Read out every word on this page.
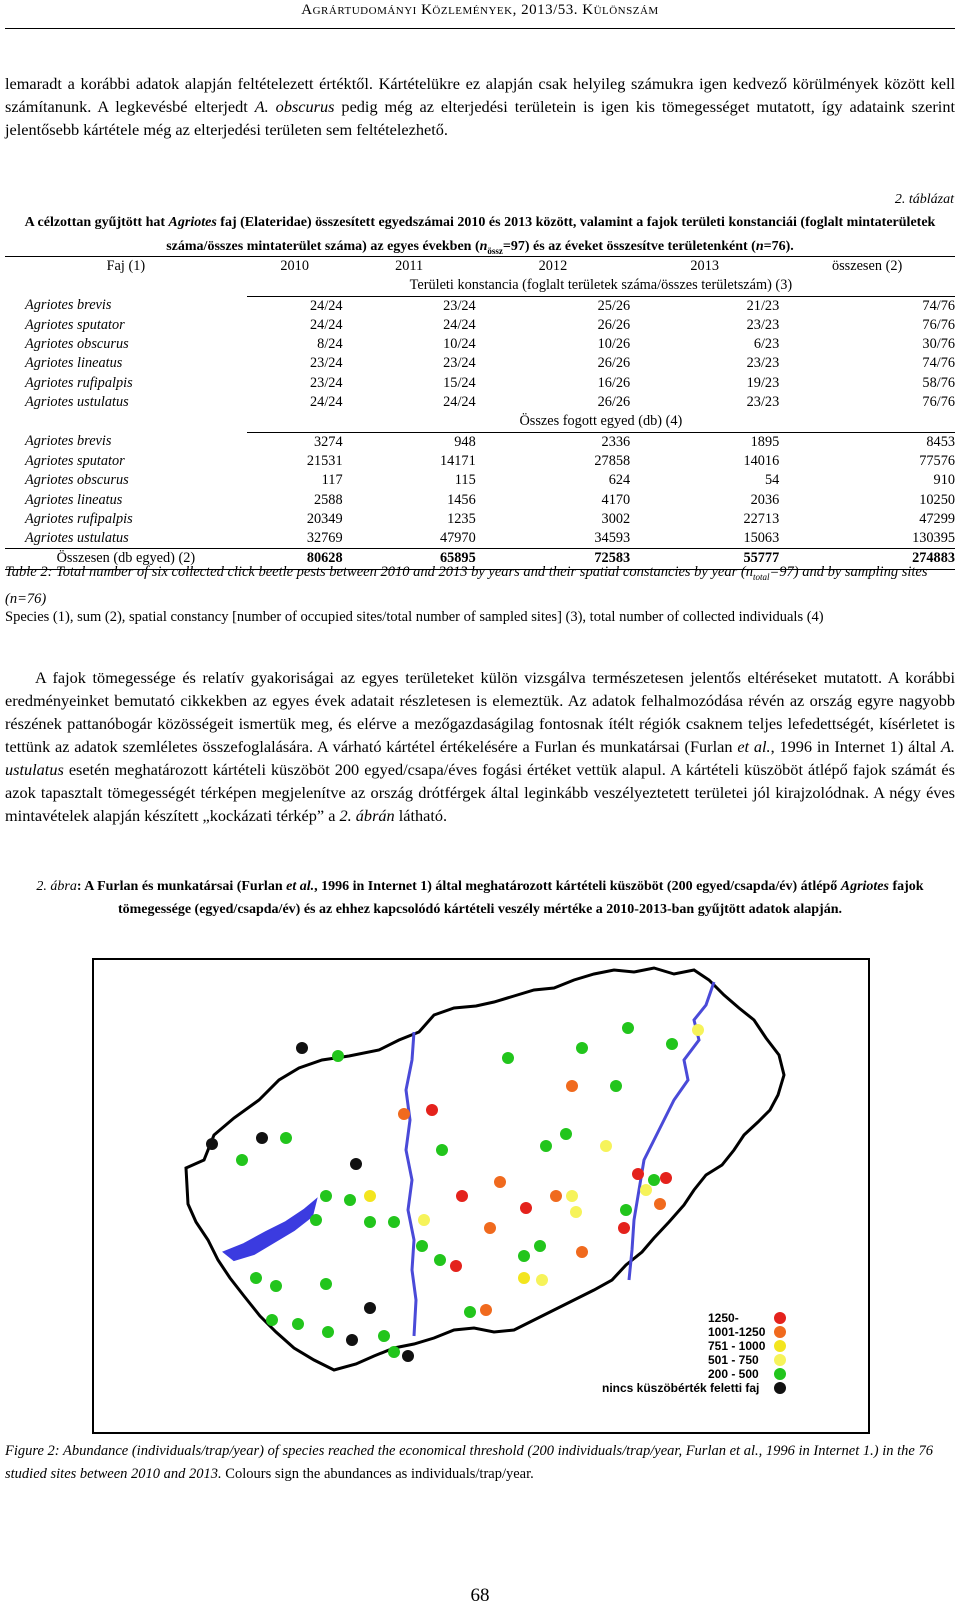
Agrártudományi Közlemények, 2013/53. Különszám
lemaradt a korábbi adatok alapján feltételezett értéktől. Kártételükre ez alapján csak helyileg számukra igen kedvező körülmények között kell számítanunk. A legkevésbé elterjedt A. obscurus pedig még az elterjedési területein is igen kis tömegességet mutatott, így adataink szerint jelentősebb kártétele még az elterjedési területen sem feltételezhető.
2. táblázat
A célzottan gyűjtött hat Agriotes faj (Elateridae) összesített egyedszámai 2010 és 2013 között, valamint a fajok területi konstanciái (foglalt mintaterületek száma/összes mintaterület száma) az egyes években $(n_{össz}=97)$ és az éveket összesítve területenként (n=76).
Faj (1)	2010	2011	2012	2013	összesen (2)
	Területi konstancia (foglalt területek száma/összes területszám) (3)				
Agriotes brevis	24/24	23/24	25/26	21/23	74/76
Agriotes sputator	24/24	24/24	26/26	23/23	76/76
Agriotes obscurus	8/24	10/24	10/26	6/23	30/76
Agriotes lineatus	23/24	23/24	26/26	23/23	74/76
Agriotes rufipalpis	23/24	15/24	16/26	19/23	58/76
Agriotes ustulatus	24/24	24/24	26/26	23/23	76/76
	Összes fogott egyed (db) (4)				
Agriotes brevis	3274	948	2336	1895	8453
Agriotes sputator	21531	14171	27858	14016	77576
Agriotes obscurus	117	115	624	54	910
Agriotes lineatus	2588	1456	4170	2036	10250
Agriotes rufipalpis	20349	1235	3002	22713	47299
Agriotes ustulatus	32769	47970	34593	15063	130395
Összesen (db egyed) (2)	80628	65895	72583	55777	274883
Table 2: Total number of six collected click beetle pests between 2010 and 2013 by years and their spatial constancies by year $(n_{total}=97)$ and by sampling sites (n=76)
Species (1), sum (2), spatial constancy [number of occupied sites/total number of sampled sites] (3), total number of collected individuals (4)
A fajok tömegessége és relatív gyakoriságai az egyes területeket külön vizsgálva természetesen jelentős eltéréseket mutatott. A korábbi eredményeinket bemutató cikkekben az egyes évek adatait részletesen is elemeztük. Az adatok felhalmozódása révén az ország egyre nagyobb részének pattanóbogár közösségeit ismertük meg, és elérve a mezőgazdaságilag fontosnak ítélt régiók csaknem teljes lefedettségét, kísérletet is tettünk az adatok szemléletes összefoglalására. A várható kártétel értékelésére a Furlan és munkatársai (Furlan et al., 1996 in Internet 1) által A. ustulatus esetén meghatározott kártételi küszöböt 200 egyed/csapa/éves fogási értéket vettük alapul. A kártételi küszöböt átlépő fajok számát és azok tapasztalt tömegességét térképen megjelenítve az ország drótférgek által leginkább veszélyeztetett területei jól kirajzolódnak. A négy éves mintavételek alapján készített „kockázati térkép” a 2. ábrán látható.
2. ábra: A Furlan és munkatársai (Furlan et al., 1996 in Internet 1) által meghatározott kártételi küszöböt (200 egyed/csapda/év) átlépő Agriotes fajok tömegessége (egyed/csapda/év) és az ehhez kapcsolódó kártételi veszély mértéke a 2010-2013-ban gyűjtött adatok alapján.
1250-
1001-1250
751 - 1000
501 - 750
200 - 500
nincs küszöbérték feletti faj
Figure 2: Abundance (individuals/trap/year) of species reached the economical threshold (200 individuals/trap/year, Furlan et al., 1996 in Internet 1.) in the 76 studied sites between 2010 and 2013. Colours sign the abundances as individuals/trap/year.
68
